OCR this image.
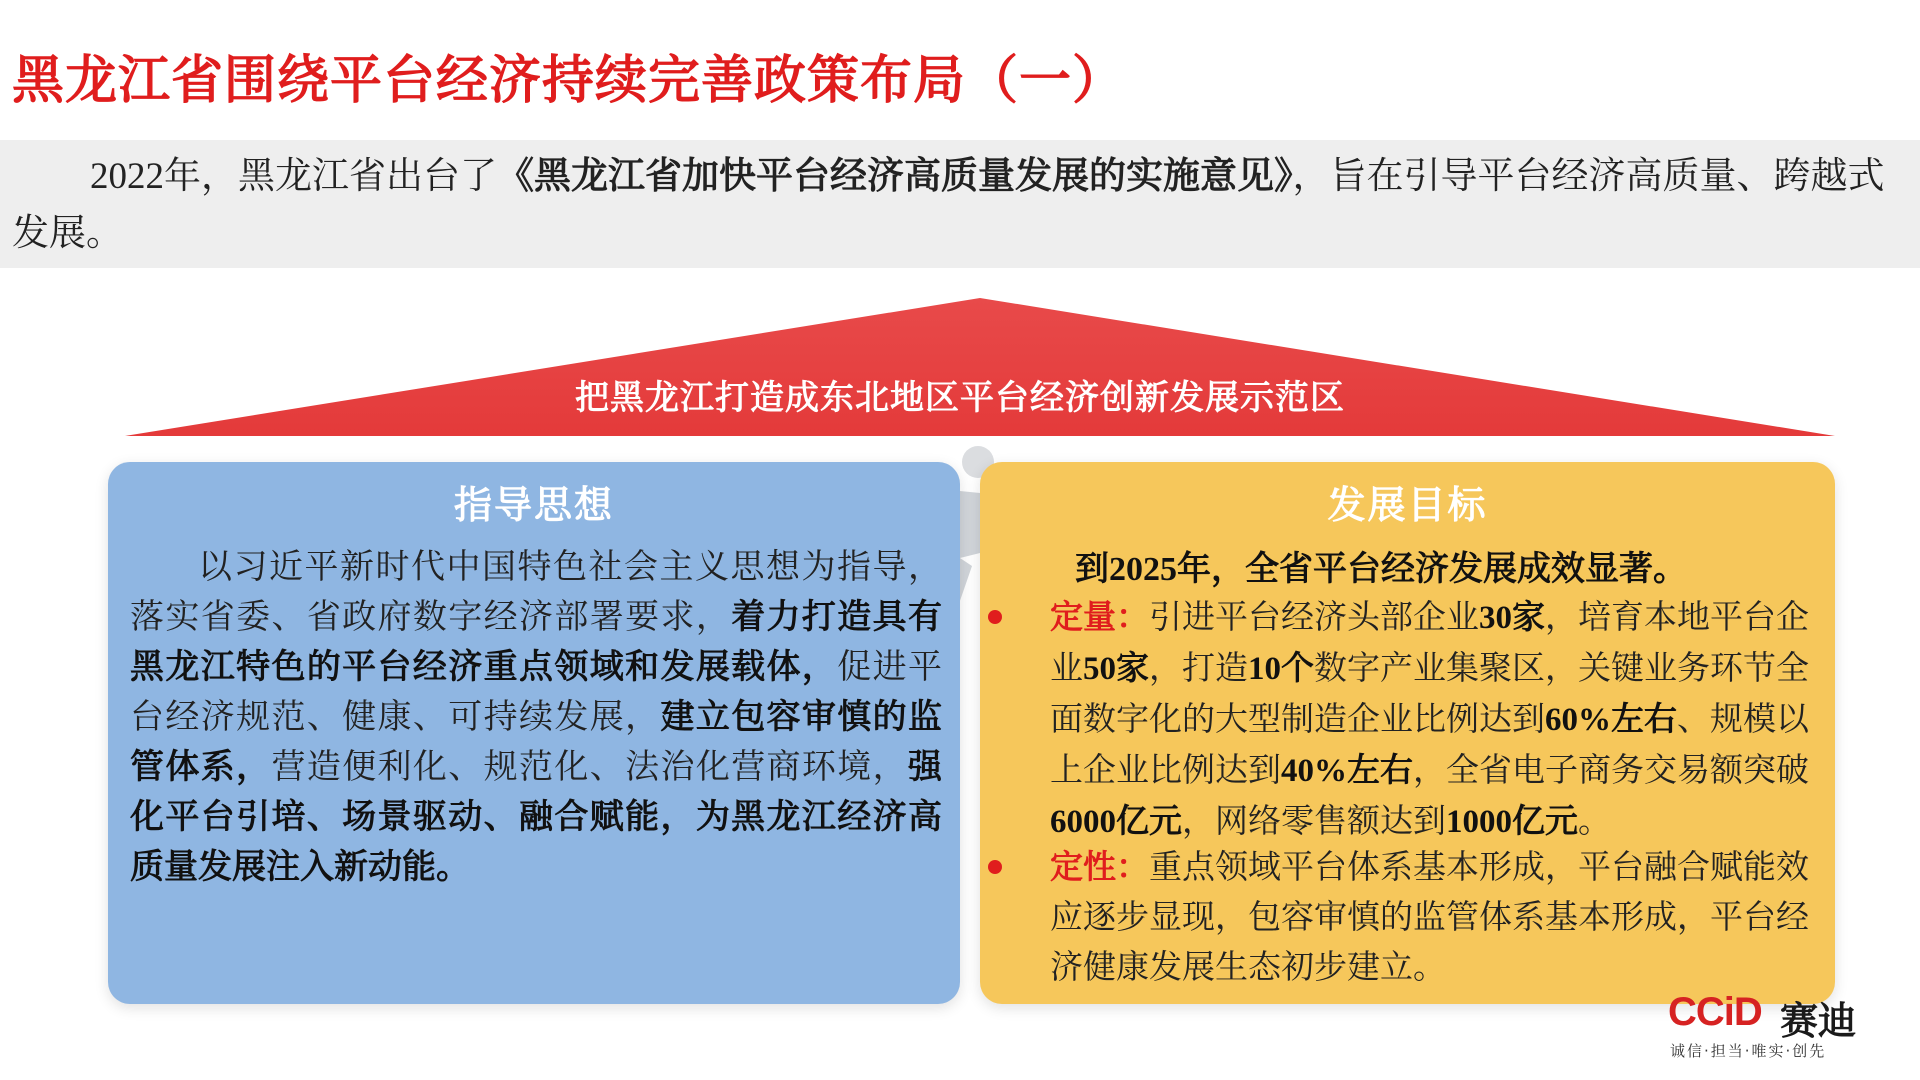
黑龙江省围绕平台经济持续完善政策布局（一）
2022年，黑龙江省出台了《黑龙江省加快平台经济高质量发展的实施意见》，旨在引导平台经济高质量、跨越式发展。
把黑龙江打造成东北地区平台经济创新发展示范区
指导思想
以习近平新时代中国特色社会主义思想为指导，落实省委、省政府数字经济部署要求，着力打造具有黑龙江特色的平台经济重点领域和发展载体，促进平台经济规范、健康、可持续发展，建立包容审慎的监管体系，营造便利化、规范化、法治化营商环境，强化平台引培、场景驱动、融合赋能，为黑龙江经济高质量发展注入新动能。
发展目标
到2025年，全省平台经济发展成效显著。
定量：引进平台经济头部企业30家，培育本地平台企业50家，打造10个数字产业集聚区，关键业务环节全面数字化的大型制造企业比例达到60%左右、规模以上企业比例达到40%左右，全省电子商务交易额突破6000亿元，网络零售额达到1000亿元。
定性：重点领域平台体系基本形成，平台融合赋能效应逐步显现，包容审慎的监管体系基本形成，平台经济健康发展生态初步建立。
CCiD 赛迪
诚信·担当·唯实·创先
